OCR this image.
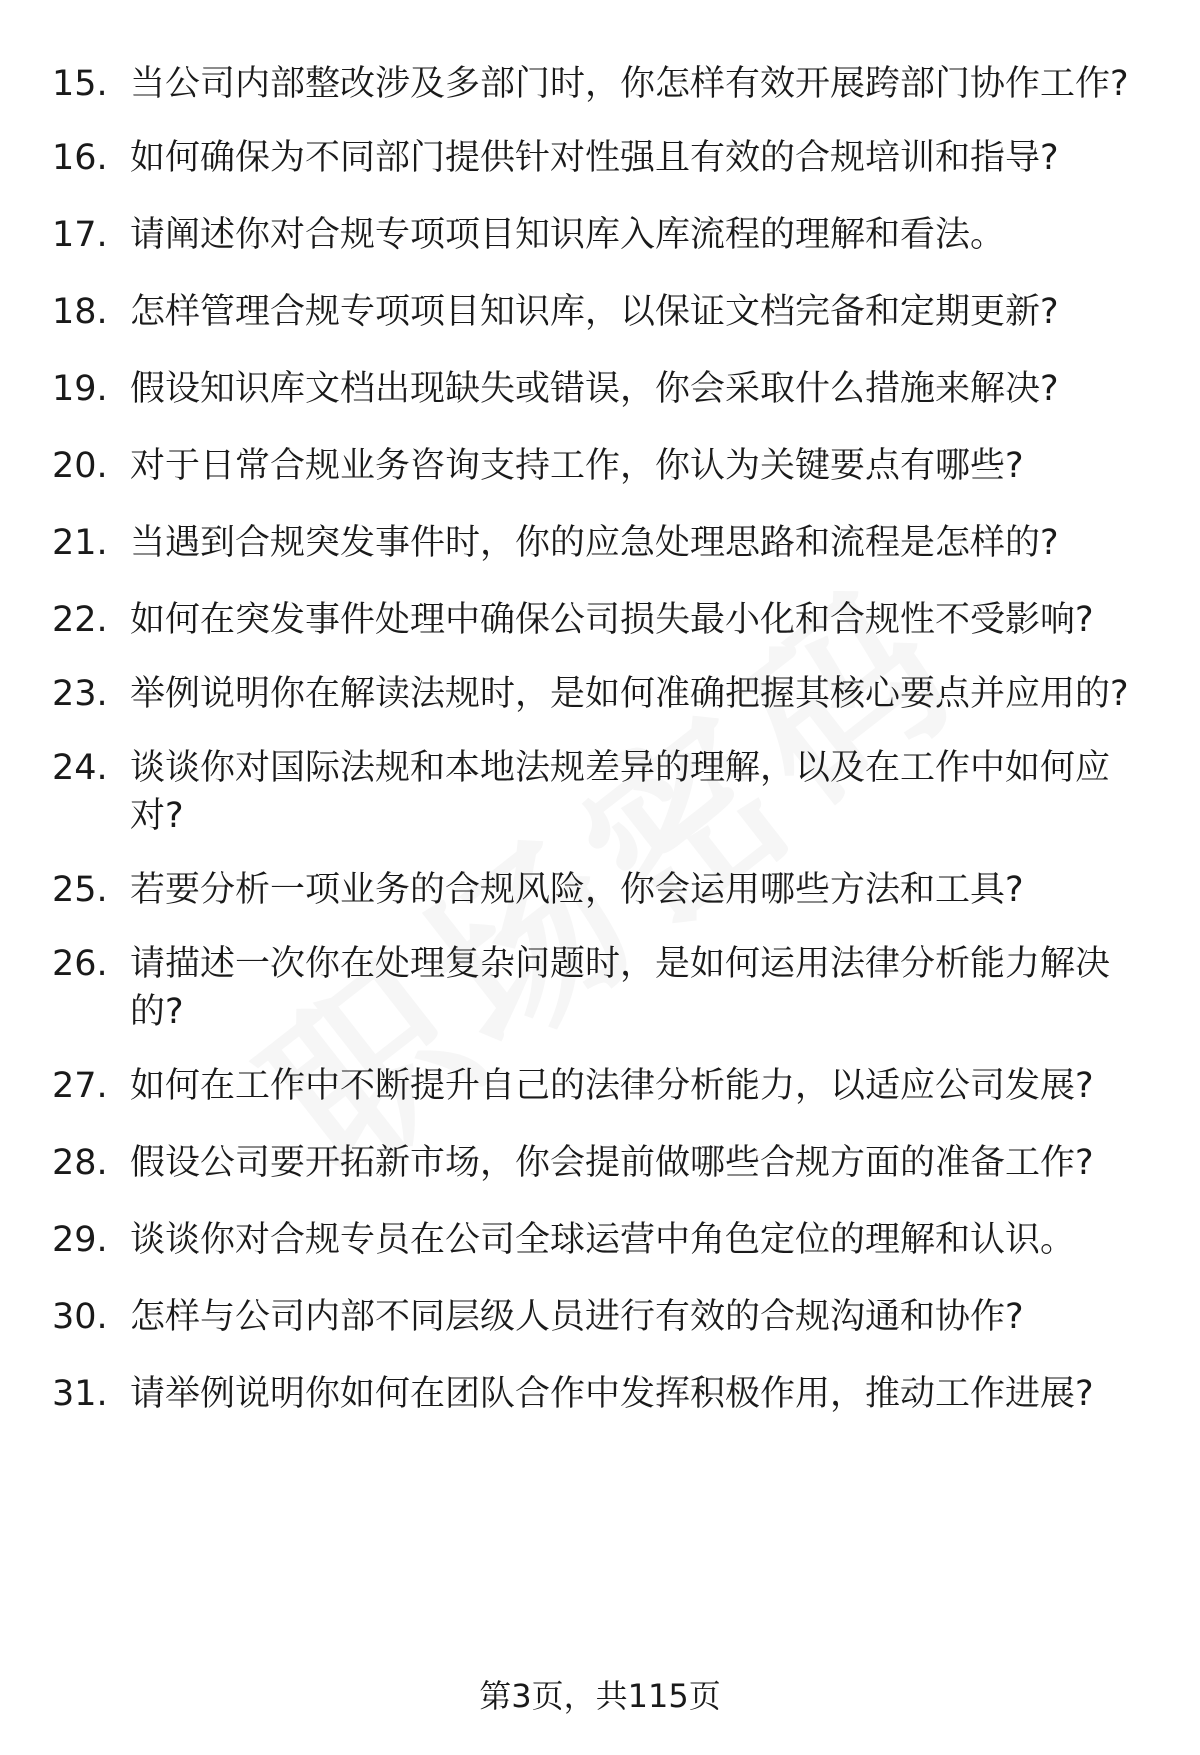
15. 当公司内部整改涉及多部门时，你怎样有效开展跨部门协作工作?
16. 如何确保为不同部门提供针对性强且有效的合规培训和指导?
17. 请阐述你对合规专项项目知识库入库流程的理解和看法。
18. 怎样管理合规专项项目知识库，以保证文档完备和定期更新?
19. 假设知识库文档出现缺失或错误，你会采取什么措施来解决?
20. 对于日常合规业务咨询支持工作，你认为关键要点有哪些?
21. 当遇到合规突发事件时，你的应急处理思路和流程是怎样的?
22. 如何在突发事件处理中确保公司损失最小化和合规性不受影响?
23. 举例说明你在解读法规时，是如何准确把握其核心要点并应用的?
24. 谈谈你对国际法规和本地法规差异的理解，以及在工作中如何应对?
25. 若要分析一项业务的合规风险，你会运用哪些方法和工具?
26. 请描述一次你在处理复杂问题时，是如何运用法律分析能力解决的?
27. 如何在工作中不断提升自己的法律分析能力，以适应公司发展?
28. 假设公司要开拓新市场，你会提前做哪些合规方面的准备工作?
29. 谈谈你对合规专员在公司全球运营中角色定位的理解和认识。
30. 怎样与公司内部不同层级人员进行有效的合规沟通和协作?
31. 请举例说明你如何在团队合作中发挥积极作用，推动工作进展?
第3页，共115页
